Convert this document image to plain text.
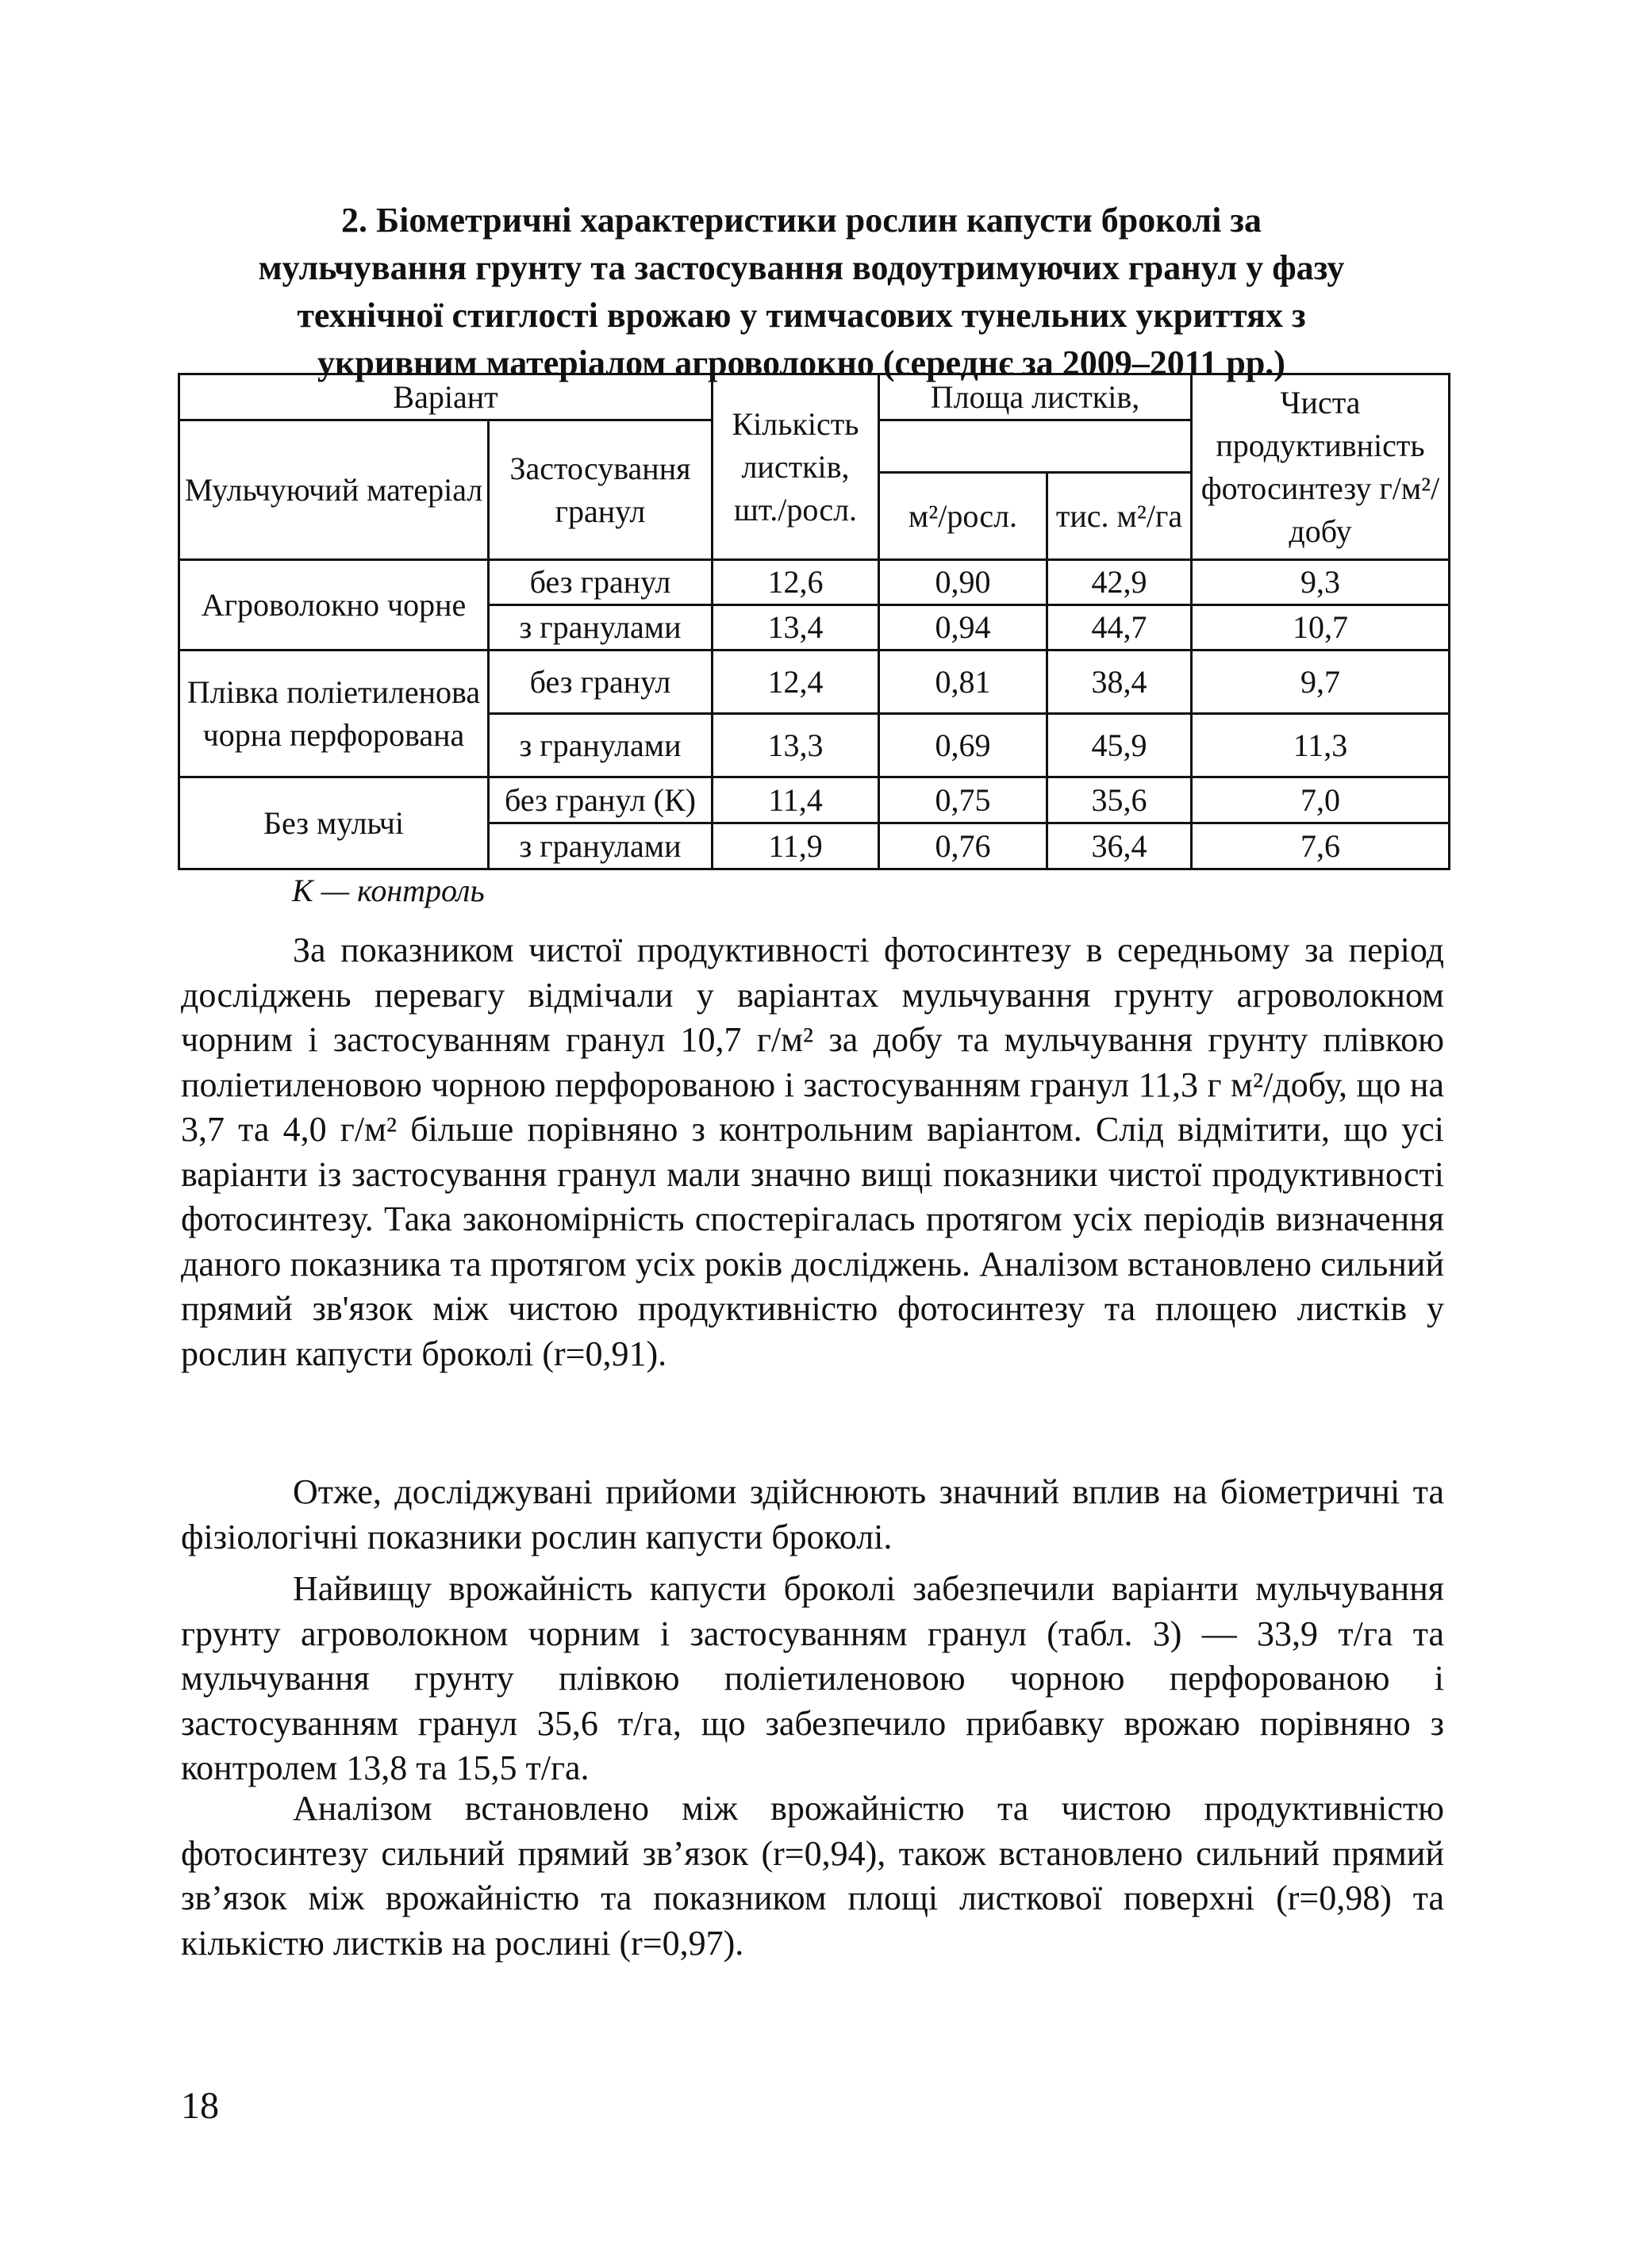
2. Біометричні характеристики рослин капусти броколі за
мульчування грунту та застосування водоутримуючих гранул у фазу
технічної стиглості врожаю у тимчасових тунельних укриттях з
укривним матеріалом агроволокно (середнє за 2009–2011 рр.)
Варіант		Кількість листків, шт./росл.	Площа листків,		Чиста продуктивність фотосинтезу г/м²/добу
Мульчуючий матеріал	Застосування гранул				
			м²/росл.	тис. м²/га	
Агроволокно чорне	без гранул	12,6	0,90	42,9	9,3
	з гранулами	13,4	0,94	44,7	10,7
Плівка поліетиленова чорна перфорована	без гранул	12,4	0,81	38,4	9,7
	з гранулами	13,3	0,69	45,9	11,3
Без мульчі	без гранул (К)	11,4	0,75	35,6	7,0
	з гранулами	11,9	0,76	36,4	7,6
К — контроль

За показником чистої продуктивності фотосинтезу в середньому за період досліджень перевагу відмічали у варіантах мульчування грунту агроволокном чорним і застосуванням гранул 10,7 г/м² за добу та мульчування грунту плівкою поліетиленовою чорною перфорованою і застосуванням гранул 11,3 г м²/добу, що на 3,7 та 4,0 г/м² більше порівняно з контрольним варіантом. Слід відмітити, що усі варіанти із застосування гранул мали значно вищі показники чистої продуктивності фотосинтезу. Така закономірність спостерігалась протягом усіх періодів визначення даного показника та протягом усіх років досліджень. Аналізом встановлено сильний прямий зв'язок між чистою продуктивністю фотосинтезу та площею листків у рослин капусти броколі (r=0,91).

Отже, досліджувані прийоми здійснюють значний вплив на біометричні та фізіологічні показники рослин капусти броколі.

Найвищу врожайність капусти броколі забезпечили варіанти мульчування грунту агроволокном чорним і застосуванням гранул (табл. 3) — 33,9 т/га та мульчування грунту плівкою поліетиленовою чорною перфорованою і застосуванням гранул 35,6 т/га, що забезпечило прибавку врожаю порівняно з контролем 13,8 та 15,5 т/га.

Аналізом встановлено між врожайністю та чистою продуктивністю фотосинтезу сильний прямий зв’язок (r=0,94), також встановлено сильний прямий зв’язок між врожайністю та показником площі листкової поверхні (r=0,98) та кількістю листків на рослині (r=0,97).

18
